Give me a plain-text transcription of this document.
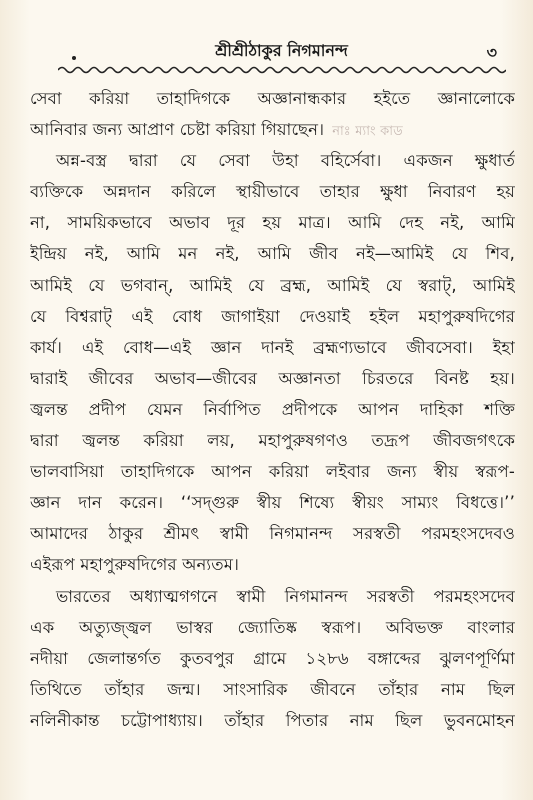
শ্রীশ্রীঠাকুর নিগমানন্দ	৩
সেবা করিয়া তাহাদিগকে অজ্ঞানান্ধকার হইতে জ্ঞানালোকে
আনিবার জন্য আপ্রাণ চেষ্টা করিয়া গিয়াছেন। নাঃ ম্যাং কাড
অন্ন-বস্ত্র দ্বারা যে সেবা উহা বহির্সেবা। একজন ক্ষুধার্ত
ব্যক্তিকে অন্নদান করিলে স্থায়ীভাবে তাহার ক্ষুধা নিবারণ হয়
না, সাময়িকভাবে অভাব দূর হয় মাত্র। আমি দেহ নই, আমি
ইন্দ্রিয় নই, আমি মন নই, আমি জীব নই—আমিই যে শিব,
আমিই যে ভগবান্, আমিই যে ব্রহ্ম, আমিই যে স্বরাট্, আমিই
যে বিশ্বরাট্ এই বোধ জাগাইয়া দেওয়াই হইল মহাপুরুষদিগের
কার্য। এই বোধ—এই জ্ঞান দানই ব্রহ্মণ্যভাবে জীবসেবা। ইহা
দ্বারাই জীবের অভাব—জীবের অজ্ঞানতা চিরতরে বিনষ্ট হয়।
জ্বলন্ত প্রদীপ যেমন নির্বাপিত প্রদীপকে আপন দাহিকা শক্তি
দ্বারা জ্বলন্ত করিয়া লয়, মহাপুরুষগণও তদ্রূপ জীবজগৎকে
ভালবাসিয়া তাহাদিগকে আপন করিয়া লইবার জন্য স্বীয় স্বরূপ-
জ্ঞান দান করেন। ‘‘সদ্গুরু স্বীয় শিষ্যে স্বীয়ং সাম্যং বিধত্তে।’’
আমাদের ঠাকুর শ্রীমৎ স্বামী নিগমানন্দ সরস্বতী পরমহংসদেবও
এইরূপ মহাপুরুষদিগের অন্যতম।
ভারতের অধ্যাত্মগগনে স্বামী নিগমানন্দ সরস্বতী পরমহংসদেব
এক অত্যুজ্জ্বল ভাস্বর জ্যোতিষ্ক স্বরূপ। অবিভক্ত বাংলার
নদীয়া জেলান্তর্গত কুতবপুর গ্রামে ১২৮৬ বঙ্গাব্দের ঝুলণপূর্ণিমা
তিথিতে তাঁহার জন্ম। সাংসারিক জীবনে তাঁহার নাম ছিল
নলিনীকান্ত চট্টোপাধ্যায়। তাঁহার পিতার নাম ছিল ভুবনমোহন
